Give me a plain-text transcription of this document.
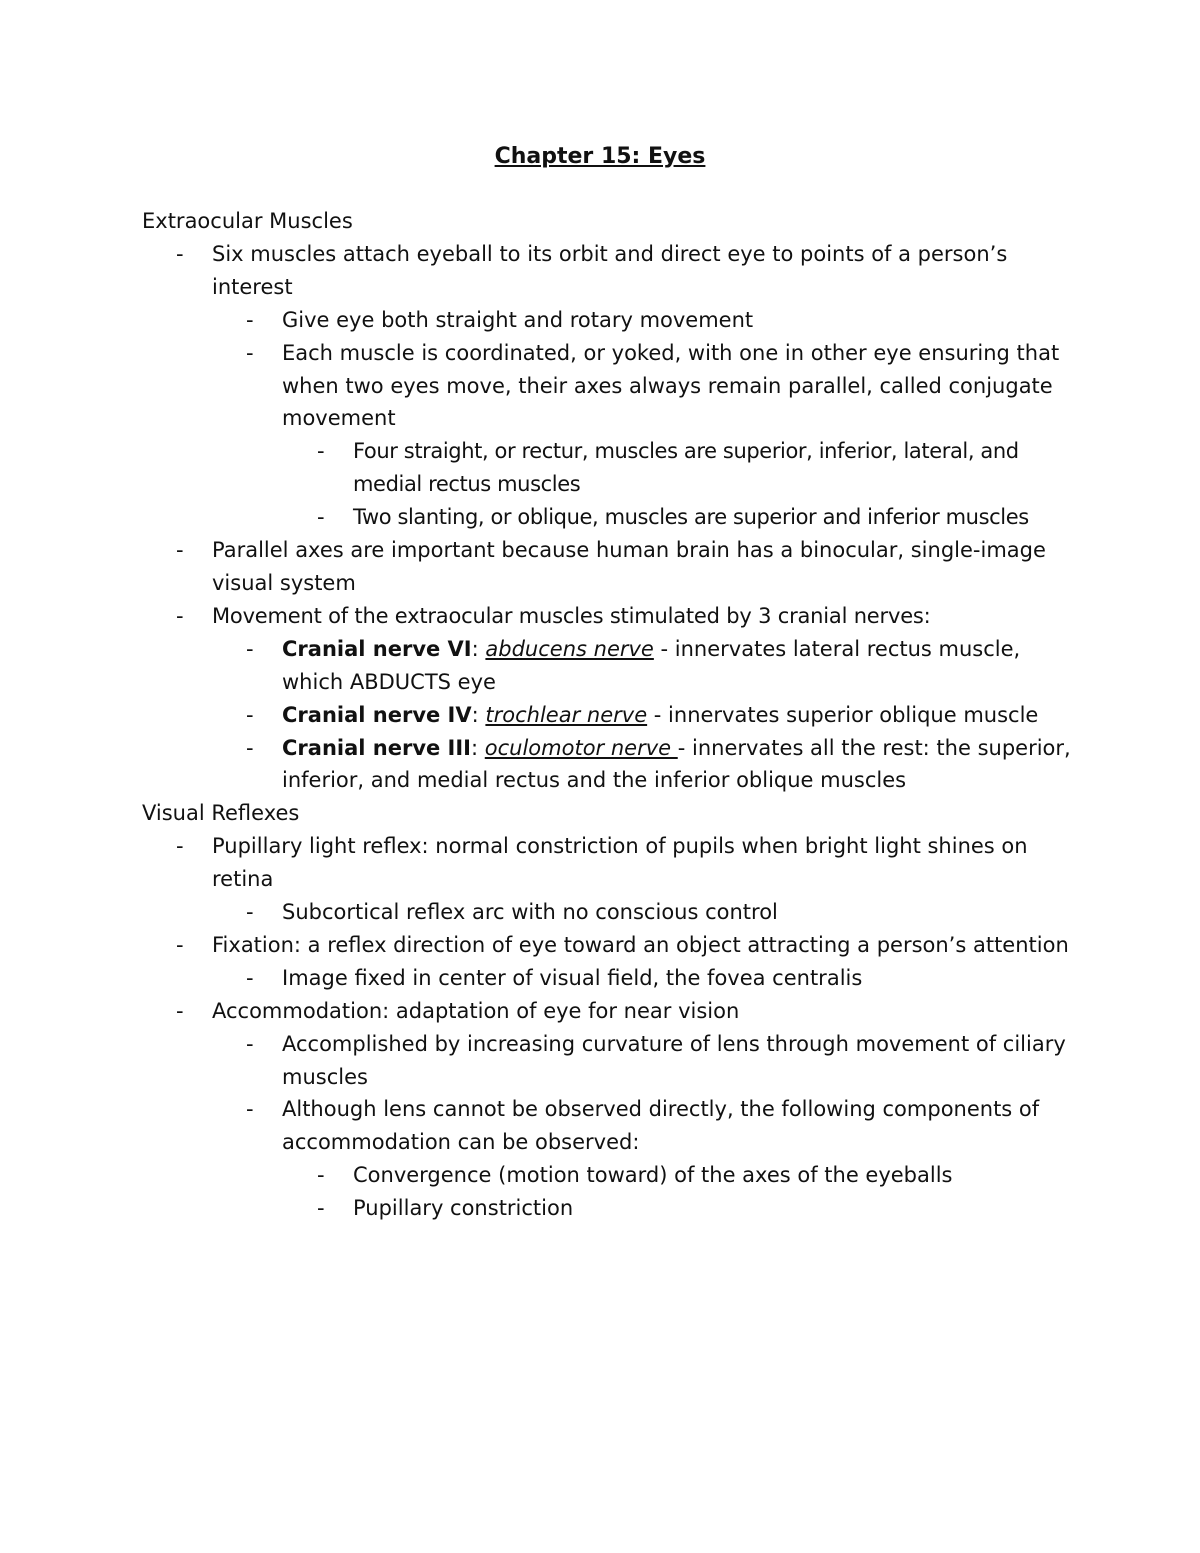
Chapter 15: Eyes

Extraocular Muscles

- Six muscles attach eyeball to its orbit and direct eye to points of a person’s interest
- Give eye both straight and rotary movement
- Each muscle is coordinated, or yoked, with one in other eye ensuring that when two eyes move, their axes always remain parallel, called conjugate movement
- Four straight, or rectur, muscles are superior, inferior, lateral, and medial rectus muscles
- Two slanting, or oblique, muscles are superior and inferior muscles
- Parallel axes are important because human brain has a binocular, single-image visual system
- Movement of the extraocular muscles stimulated by 3 cranial nerves:
- Cranial nerve VI: abducens nerve - innervates lateral rectus muscle, which ABDUCTS eye
- Cranial nerve IV: trochlear nerve - innervates superior oblique muscle
- Cranial nerve III: oculomotor nerve - innervates all the rest: the superior, inferior, and medial rectus and the inferior oblique muscles

Visual Reflexes

- Pupillary light reflex: normal constriction of pupils when bright light shines on retina
- Subcortical reflex arc with no conscious control
- Fixation: a reflex direction of eye toward an object attracting a person’s attention
- Image fixed in center of visual field, the fovea centralis
- Accommodation: adaptation of eye for near vision
- Accomplished by increasing curvature of lens through movement of ciliary muscles
- Although lens cannot be observed directly, the following components of accommodation can be observed:
- Convergence (motion toward) of the axes of the eyeballs
- Pupillary constriction
